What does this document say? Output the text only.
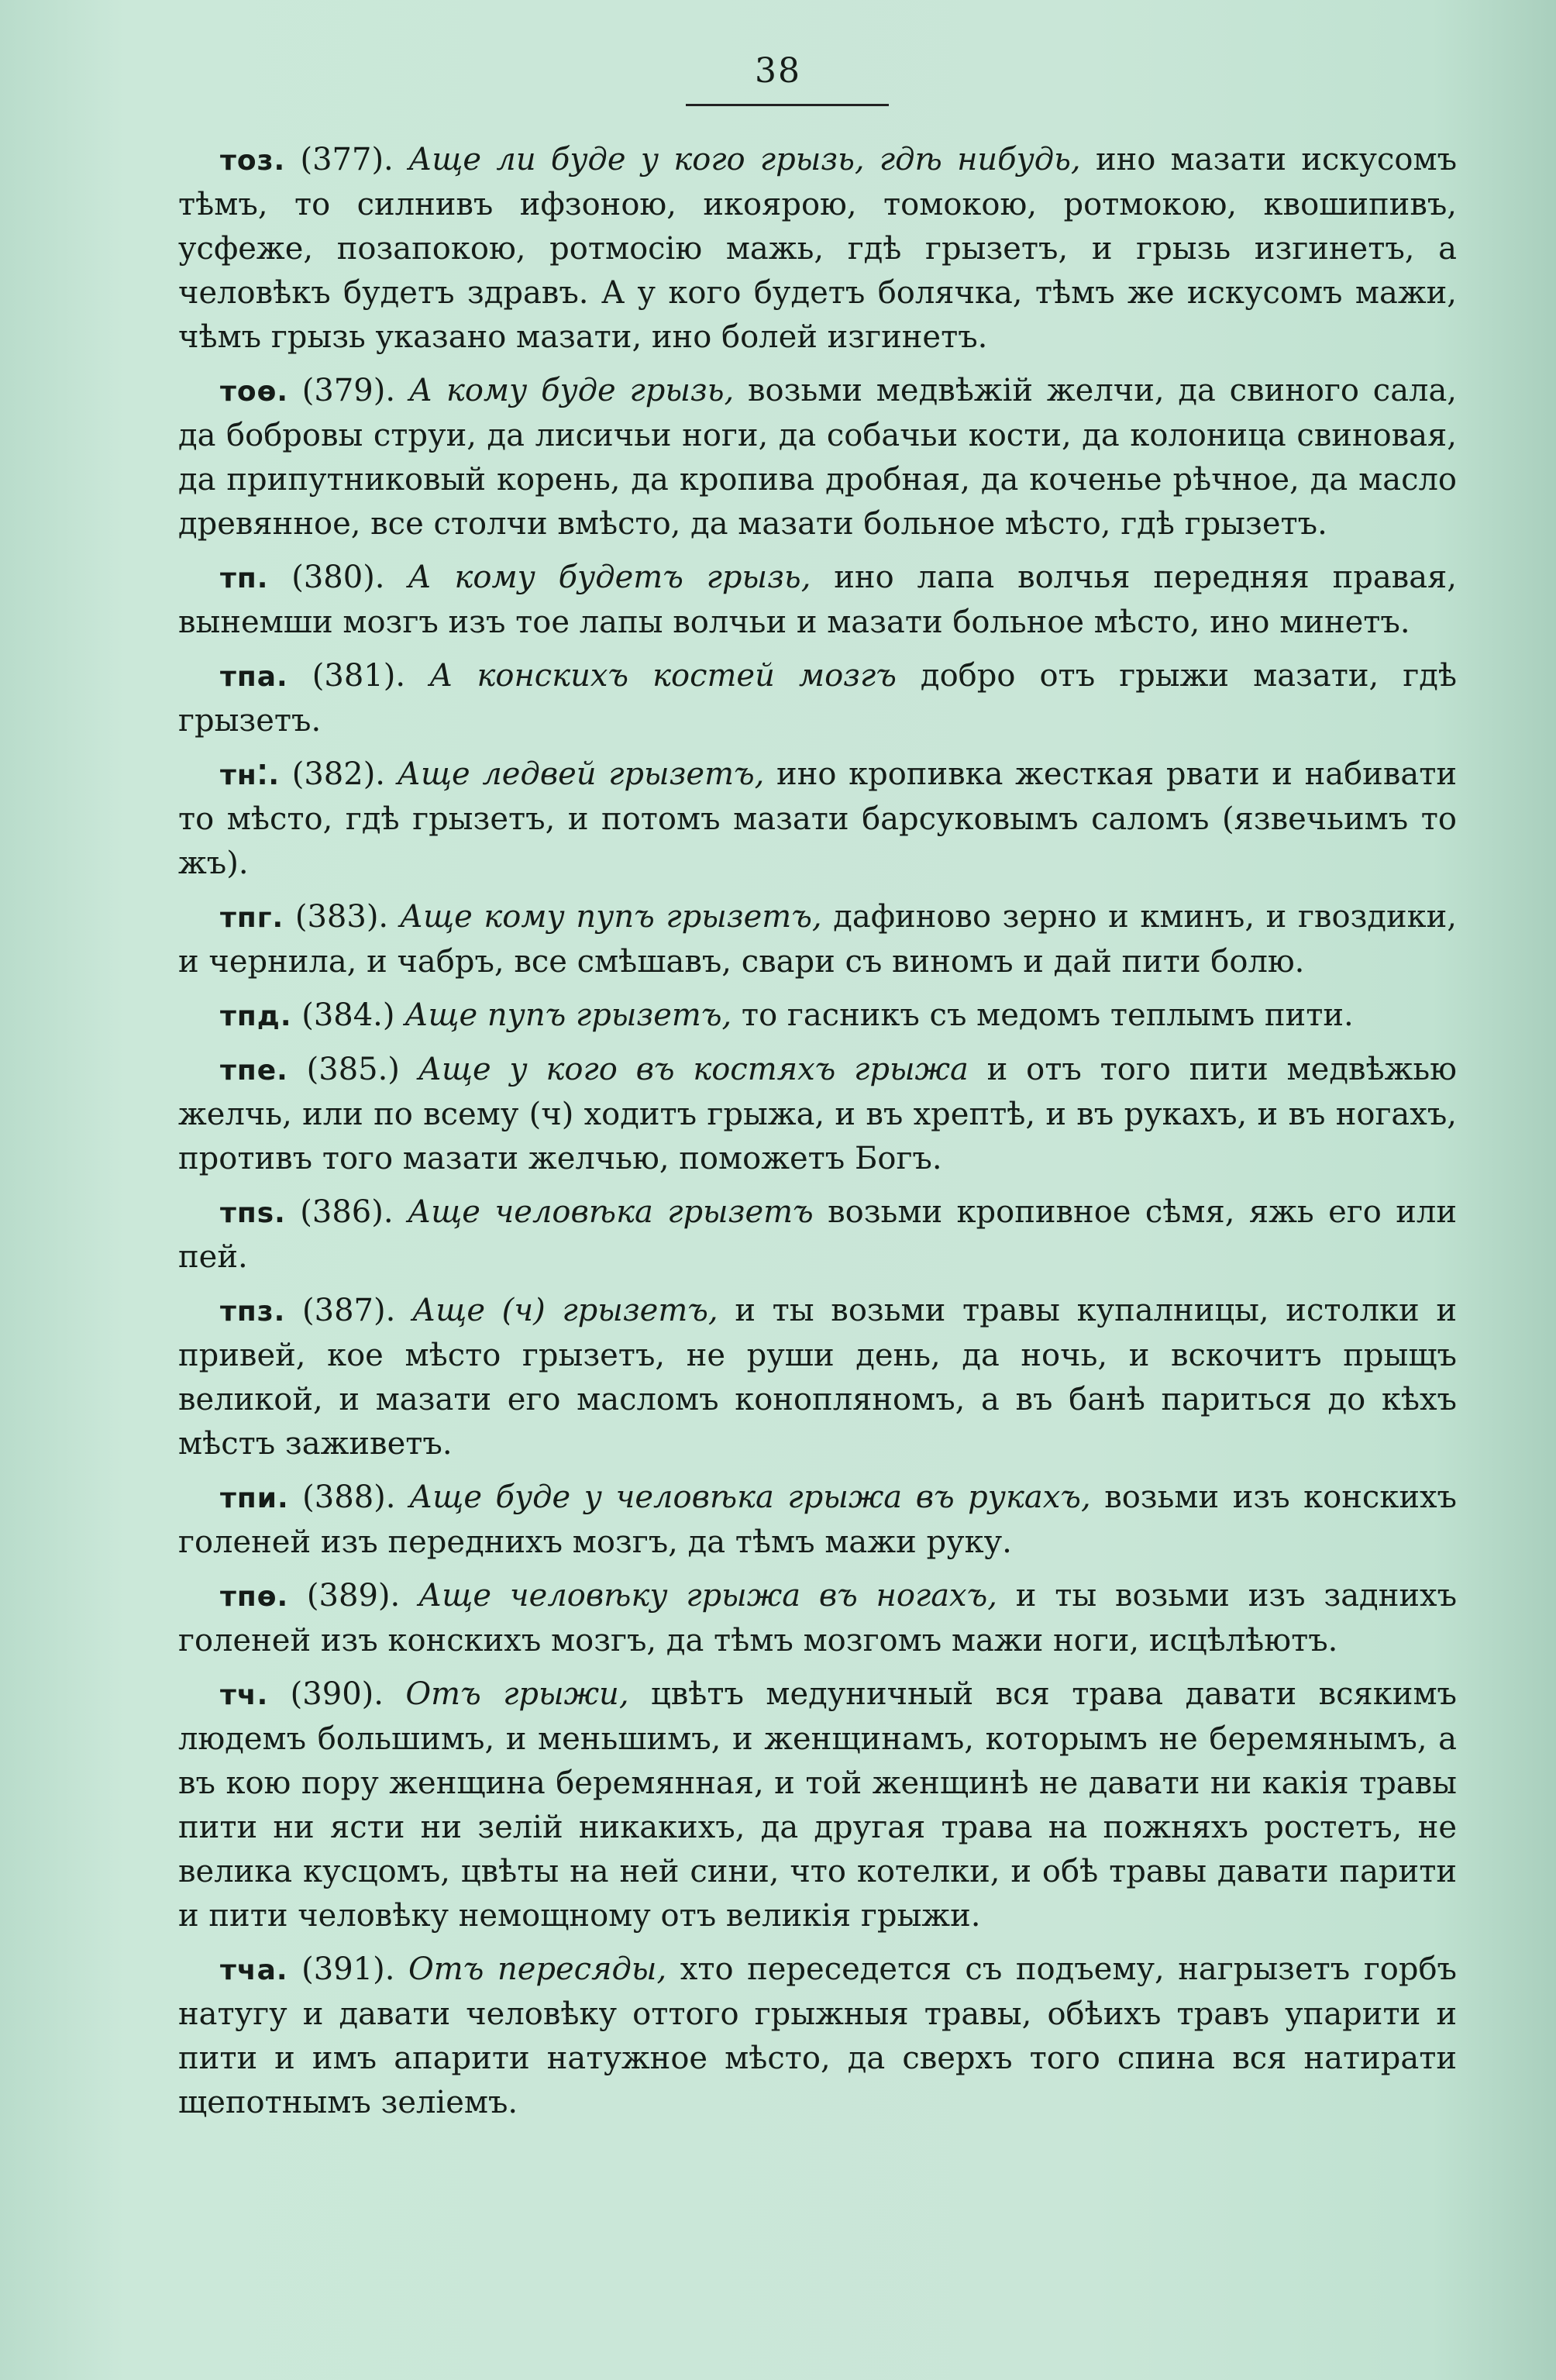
38

тоз. (377). Аще ли буде у кого грызь, гдѣ нибудь, ино мазати искусомъ тѣмъ, то силнивъ ифзоною, икоярою, томокою, ротмокою, квошипивъ, усфеже, позапокою, ротмосiю мажь, гдѣ грызетъ, и грызь изгинетъ, а человѣкъ будетъ здравъ. А у кого будетъ болячка, тѣмъ же искусомъ мажи, чѣмъ грызь указано мазати, ино болей изгинетъ.

тоѳ. (379). А кому буде грызь, возьми медвѣжiй желчи, да свиного сала, да бобровы струи, да лисичьи ноги, да собачьи кости, да колоница свиновая, да припутниковый корень, да кропива дробная, да коченье рѣчное, да масло древянное, все столчи вмѣсто, да мазати больное мѣсто, гдѣ грызетъ.

тп. (380). А кому будетъ грызь, ино лапа волчья передняя правая, вынемши мозгъ изъ тое лапы волчьи и мазати больное мѣсто, ино минетъ.

тпа. (381). А конскихъ костей мозгъ добро отъ грыжи мазати, гдѣ грызетъ.

тн⁚. (382). Аще ледвей грызетъ, ино кропивка жесткая рвати и набивати то мѣсто, гдѣ грызетъ, и потомъ мазати барсуковымъ саломъ (язвечьимъ то жъ).

тпг. (383). Аще кому пупъ грызетъ, дафиново зерно и кминъ, и гвоздики, и чернила, и чабръ, все смѣшавъ, свари съ виномъ и дай пити болю.

тпд. (384.) Аще пупъ грызетъ, то гасникъ съ медомъ теплымъ пити.

тпе. (385.) Аще у кого въ костяхъ грыжа и отъ того пити медвѣжью желчь, или по всему (ч) ходитъ грыжа, и въ хрептѣ, и въ рукахъ, и въ ногахъ, противъ того мазати желчью, поможетъ Богъ.

тпѕ. (386). Аще человѣка грызетъ возьми кропивное сѣмя, яжь его или пей.

тпз. (387). Аще (ч) грызетъ, и ты возьми травы купалницы, истолки и привей, кое мѣсто грызетъ, не руши день, да ночь, и вскочитъ прыщъ великой, и мазати его масломъ конопляномъ, а въ банѣ париться до кѣхъ мѣстъ заживетъ.

тпи. (388). Аще буде у человѣка грыжа въ рукахъ, возьми изъ конскихъ голеней изъ переднихъ мозгъ, да тѣмъ мажи руку.

тпѳ. (389). Аще человѣку грыжа въ ногахъ, и ты возьми изъ заднихъ голеней изъ конскихъ мозгъ, да тѣмъ мозгомъ мажи ноги, исцѣлѣютъ.

тч. (390). Отъ грыжи, цвѣтъ медуничный вся трава давати всякимъ людемъ большимъ, и меньшимъ, и женщинамъ, которымъ не беремянымъ, а въ кою пору женщина беремянная, и той женщинѣ не давати ни какiя травы пити ни ясти ни зелiй никакихъ, да другая трава на пожняхъ ростетъ, не велика кусцомъ, цвѣты на ней сини, что котелки, и обѣ травы давати парити и пити человѣку немощному отъ великiя грыжи.

тча. (391). Отъ пересяды, хто переседется съ подъему, нагрызетъ горбъ натугу и давати человѣку оттого грыжныя травы, обѣихъ травъ упарити и пити и имъ апарити натужное мѣсто, да сверхъ того спина вся натирати щепотнымъ зелiемъ.
